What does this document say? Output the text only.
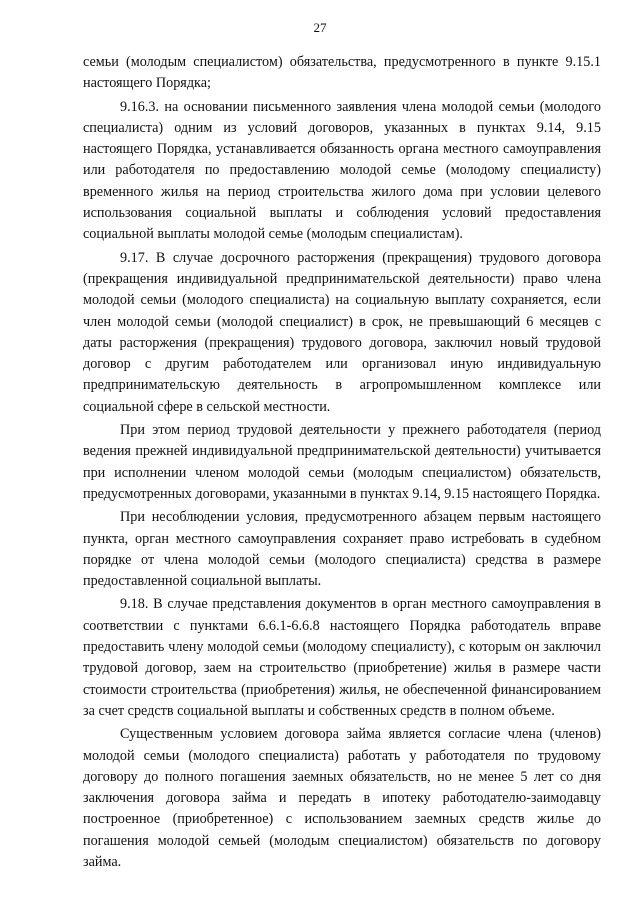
27

семьи (молодым специалистом) обязательства, предусмотренного в пункте 9.15.1 настоящего Порядка;

9.16.3. на основании письменного заявления члена молодой семьи (молодого специалиста) одним из условий договоров, указанных в пунктах 9.14, 9.15 настоящего Порядка, устанавливается обязанность органа местного самоуправления или работодателя по предоставлению молодой семье (молодому специалисту) временного жилья на период строительства жилого дома при условии целевого использования социальной выплаты и соблюдения условий предоставления социальной выплаты молодой семье (молодым специалистам).

9.17. В случае досрочного расторжения (прекращения) трудового договора (прекращения индивидуальной предпринимательской деятельности) право члена молодой семьи (молодого специалиста) на социальную выплату сохраняется, если член молодой семьи (молодой специалист) в срок, не превышающий 6 месяцев с даты расторжения (прекращения) трудового договора, заключил новый трудовой договор с другим работодателем или организовал иную индивидуальную предпринимательскую деятельность в агропромышленном комплексе или социальной сфере в сельской местности.

При этом период трудовой деятельности у прежнего работодателя (период ведения прежней индивидуальной предпринимательской деятельности) учитывается при исполнении членом молодой семьи (молодым специалистом) обязательств, предусмотренных договорами, указанными в пунктах 9.14, 9.15 настоящего Порядка.

При несоблюдении условия, предусмотренного абзацем первым настоящего пункта, орган местного самоуправления сохраняет право истребовать в судебном порядке от члена молодой семьи (молодого специалиста) средства в размере предоставленной социальной выплаты.

9.18. В случае представления документов в орган местного самоуправления в соответствии с пунктами 6.6.1-6.6.8 настоящего Порядка работодатель вправе предоставить члену молодой семьи (молодому специалисту), с которым он заключил трудовой договор, заем на строительство (приобретение) жилья в размере части стоимости строительства (приобретения) жилья, не обеспеченной финансированием за счет средств социальной выплаты и собственных средств в полном объеме.

Существенным условием договора займа является согласие члена (членов) молодой семьи (молодого специалиста) работать у работодателя по трудовому договору до полного погашения заемных обязательств, но не менее 5 лет со дня заключения договора займа и передать в ипотеку работодателю-заимодавцу построенное (приобретенное) с использованием заемных средств жилье до погашения молодой семьей (молодым специалистом) обязательств по договору займа.
